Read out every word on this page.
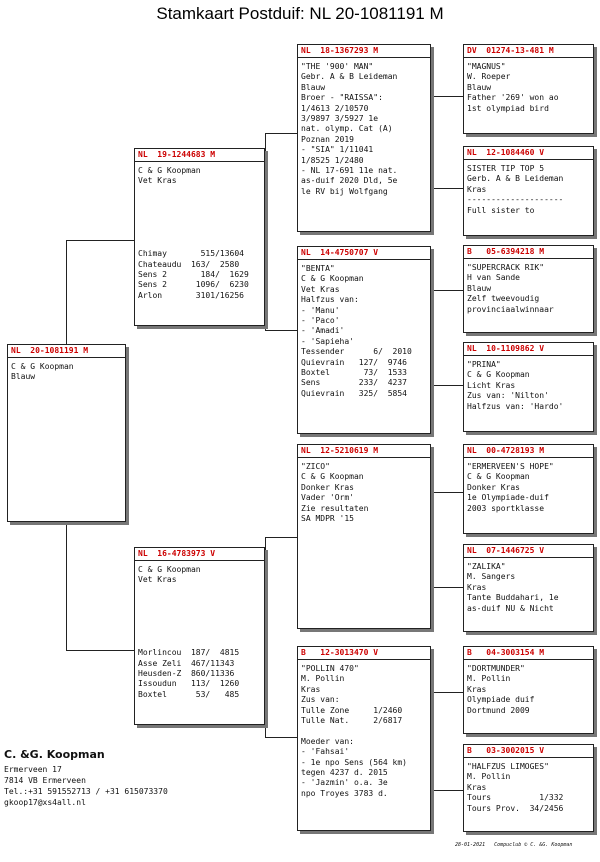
Stamkaart Postduif: NL 20-1081191 M
NL  20-1081191 M
C & G Koopman
Blauw
NL  19-1244683 M
C & G Koopman
Vet Kras
Chimay       515/13604
Chateaudu  163/  2580
Sens 2       184/  1629
Sens 2      1096/  6230
Arlon       3101/16256
NL  16-4783973 V
C & G Koopman
Vet Kras
Morlincou  187/  4815
Asse Zeli  467/11343
Heusden-Z  860/11336
Issoudun   113/  1260
Boxtel      53/   485
NL  18-1367293 M
"THE '900' MAN"
Gebr. A & B Leideman
Blauw
Broer - "RAISSA":
1/4613 2/10570
3/9897 3/5927 1e
nat. olymp. Cat (A)
Poznan 2019
- "SIA" 1/11041
1/8525 1/2480
- NL 17-691 11e nat.
as-duif 2020 Dld, 5e
le RV bij Wolfgang
NL  14-4750707 V
"BENTA"
C & G Koopman
Vet Kras
Halfzus van:
- 'Manu'
- 'Paco'
- 'Amadi'
- 'Sapieha'
Tessender      6/  2010
Quievrain   127/  9746
Boxtel       73/  1533
Sens        233/  4237
Quievrain   325/  5854
NL  12-5210619 M
"ZICO"
C & G Koopman
Donker Kras
Vader 'Orm'
Zie resultaten
SA MDPR '15
B   12-3013470 V
"POLLIN 470"
M. Pollin
Kras
Zus van:
Tulle Zone     1/2460
Tulle Nat.     2/6817
Moeder van:
- 'Fahsai'
- 1e npo Sens (564 km)
tegen 4237 d. 2015
- 'Jazmin' o.a. 3e
npo Troyes 3783 d.
DV  01274-13-481 M
"MAGNUS"
W. Roeper
Blauw
Father '269' won ao
1st olympiad bird
NL  12-1084460 V
SISTER TIP TOP 5
Gerb. A & B Leideman
Kras
--------------------
Full sister to
B   05-6394218 M
"SUPERCRACK RIK"
H van Sande
Blauw
Zelf tweevoudig
provinciaalwinnaar
NL  10-1109862 V
"PRINA"
C & G Koopman
Licht Kras
Zus van: 'Nilton'
Halfzus van: 'Hardo'
NL  00-4728193 M
"ERMERVEEN'S HOPE"
C & G Koopman
Donker Kras
1e Olympiade-duif
2003 sportklasse
NL  07-1446725 V
"ZALIKA"
M. Sangers
Kras
Tante Buddahari, 1e
as-duif NU & Nicht
B   04-3003154 M
"DORTMUNDER"
M. Pollin
Kras
Olympiade duif
Dortmund 2009
B   03-3002015 V
"HALFZUS LIMOGES"
M. Pollin
Kras
Tours          1/332
Tours Prov.  34/2456
C. &G. Koopman
Ermerveen 17
7814 VB Ermerveen
Tel.:+31 591552713 / +31 615073370
gkoop17@xs4all.nl
28-01-2021   Compuclub © C. &G. Koopman
